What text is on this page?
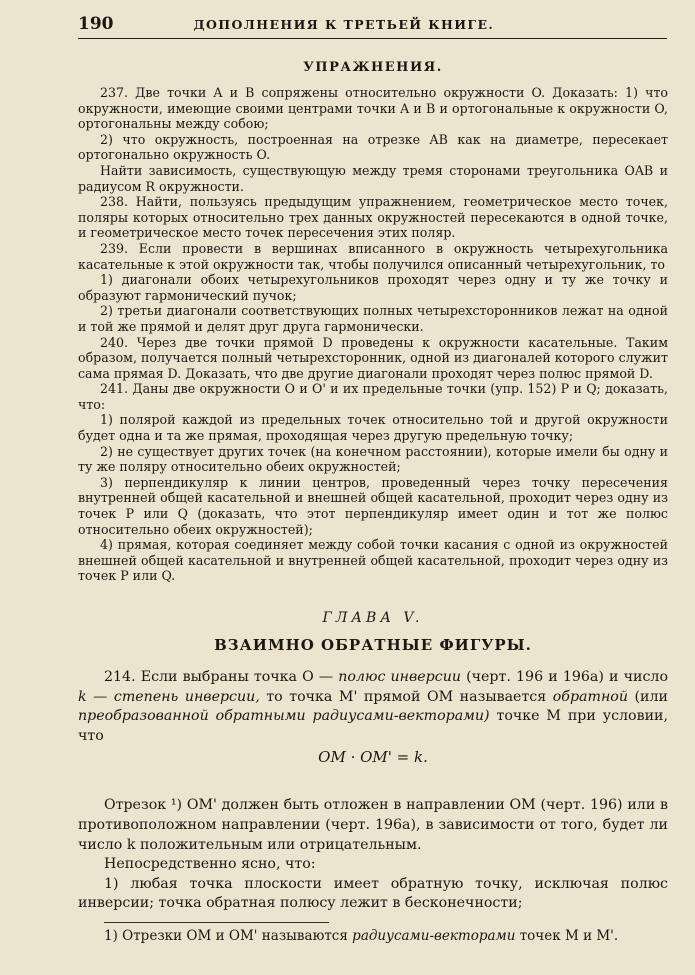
190	ДОПОЛНЕНИЯ К ТРЕТЬЕЙ КНИГЕ.
УПРАЖНЕНИЯ.

237. Две точки A и B сопряжены относительно окружности O. Доказать: 1) что окружности, имеющие своими центрами точки A и B и ортогональные к окружности O, ортогональны между собою;

2) что окружность, построенная на отрезке AB как на диаметре, пересекает ортогонально окружность O.

Найти зависимость, существующую между тремя сторонами треугольника OAB и радиусом R окружности.

238. Найти, пользуясь предыдущим упражнением, геометрическое место точек, поляры которых относительно трех данных окружностей пересекаются в одной точке, и геометрическое место точек пересечения этих поляр.

239. Если провести в вершинах вписанного в окружность четырехугольника касательные к этой окружности так, чтобы получился описанный четырехугольник, то

1) диагонали обоих четырехугольников проходят через одну и ту же точку и образуют гармонический пучок;

2) третьи диагонали соответствующих полных четырехсторонников лежат на одной и той же прямой и делят друг друга гармонически.

240. Через две точки прямой D проведены к окружности касательные. Таким образом, получается полный четырехсторонник, одной из диагоналей которого служит сама прямая D. Доказать, что две другие диагонали проходят через полюс прямой D.

241. Даны две окружности O и O' и их предельные точки (упр. 152) P и Q; доказать, что:

1) полярой каждой из предельных точек относительно той и другой окружности будет одна и та же прямая, проходящая через другую предельную точку;

2) не существует других точек (на конечном расстоянии), которые имели бы одну и ту же поляру относительно обеих окружностей;

3) перпендикуляр к линии центров, проведенный через точку пересечения внутренней общей касательной и внешней общей касательной, проходит через одну из точек P или Q (доказать, что этот перпендикуляр имеет один и тот же полюс относительно обеих окружностей);

4) прямая, которая соединяет между собой точки касания с одной из окружностей внешней общей касательной и внутренней общей касательной, проходит через одну из точек P или Q.

ГЛАВА V.
ВЗАИМНО ОБРАТНЫЕ ФИГУРЫ.

214. Если выбраны точка O — полюс инверсии (черт. 196 и 196а) и число k — степень инверсии, то точка M' прямой OM называется обратной (или преобразованной обратными радиусами-векторами) точке M при условии, что

OM · OM' = k.

Отрезок ¹) OM' должен быть отложен в направлении OM (черт. 196) или в противоположном направлении (черт. 196а), в зависимости от того, будет ли число k положительным или отрицательным.

Непосредственно ясно, что:

1) любая точка плоскости имеет обратную точку, исключая полюс инверсии; точка обратная полюсу лежит в бесконечности;

1) Отрезки OM и OM' называются радиусами-векторами точек M и M'.
